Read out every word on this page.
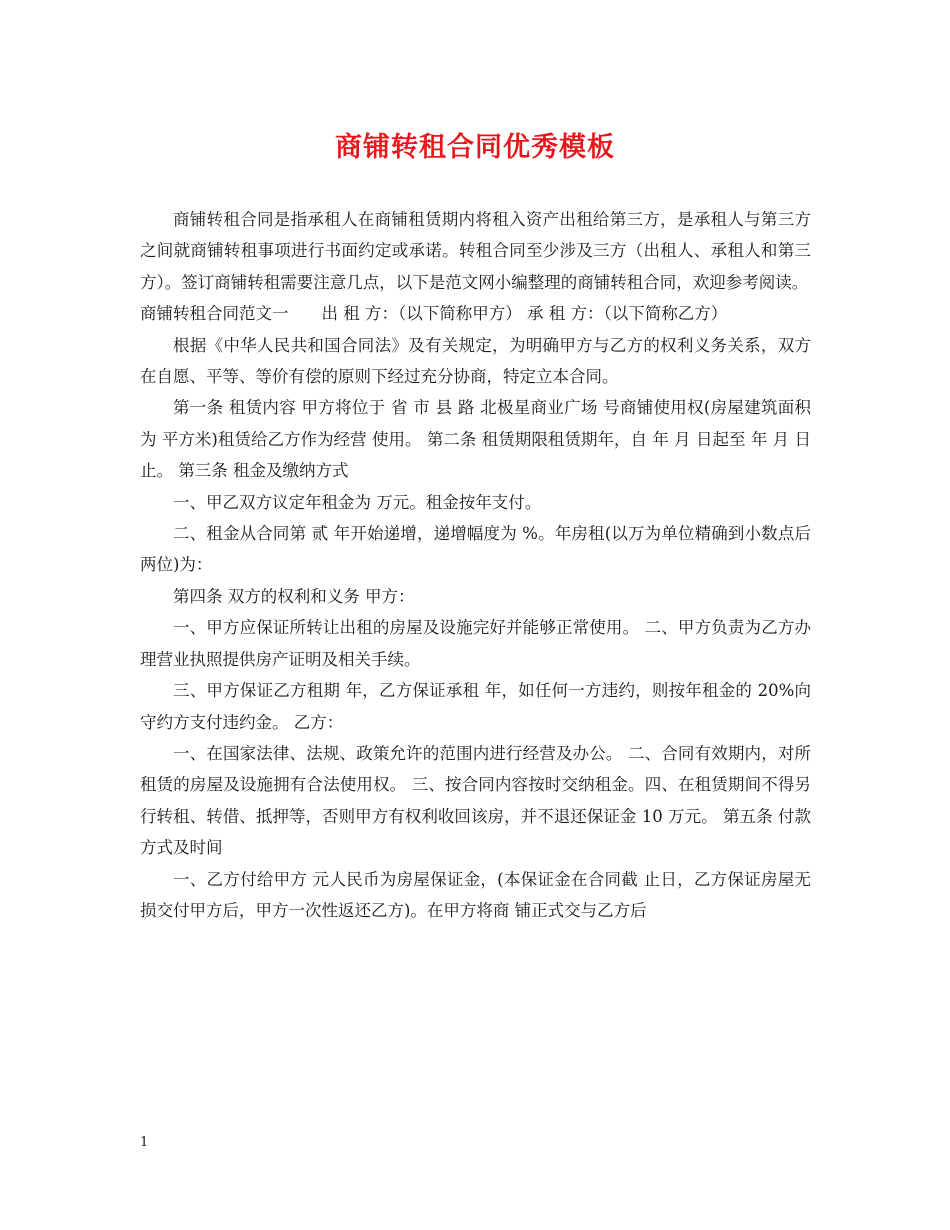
商铺转租合同优秀模板

商铺转租合同是指承租人在商铺租赁期内将租入资产出租给第三方，是承租人与第三方之间就商铺转租事项进行书面约定或承诺。转租合同至少涉及三方（出租人、承租人和第三方）。签订商铺转租需要注意几点，以下是范文网小编整理的商铺转租合同，欢迎参考阅读。

商铺转租合同范文一　　出 租 方：（以下简称甲方） 承 租 方：（以下简称乙方）

根据《中华人民共和国合同法》及有关规定，为明确甲方与乙方的权利义务关系，双方在自愿、平等、等价有偿的原则下经过充分协商，特定立本合同。

第一条 租赁内容 甲方将位于 省 市 县 路 北极星商业广场 号商铺使用权(房屋建筑面积为 平方米)租赁给乙方作为经营 使用。 第二条 租赁期限租赁期年，自 年 月 日起至 年 月 日止。 第三条 租金及缴纳方式

一、甲乙双方议定年租金为 万元。租金按年支付。

二、租金从合同第 贰 年开始递增，递增幅度为 %。年房租(以万为单位精确到小数点后两位)为：

第四条 双方的权利和义务 甲方：

一、甲方应保证所转让出租的房屋及设施完好并能够正常使用。 二、甲方负责为乙方办理营业执照提供房产证明及相关手续。

三、甲方保证乙方租期 年，乙方保证承租 年，如任何一方违约，则按年租金的 20%向守约方支付违约金。 乙方：

一、在国家法律、法规、政策允许的范围内进行经营及办公。 二、合同有效期内，对所租赁的房屋及设施拥有合法使用权。 三、按合同内容按时交纳租金。四、在租赁期间不得另行转租、转借、抵押等，否则甲方有权利收回该房，并不退还保证金 10 万元。 第五条 付款方式及时间

一、乙方付给甲方 元人民币为房屋保证金，(本保证金在合同截 止日，乙方保证房屋无损交付甲方后，甲方一次性返还乙方)。在甲方将商 铺正式交与乙方后

1
